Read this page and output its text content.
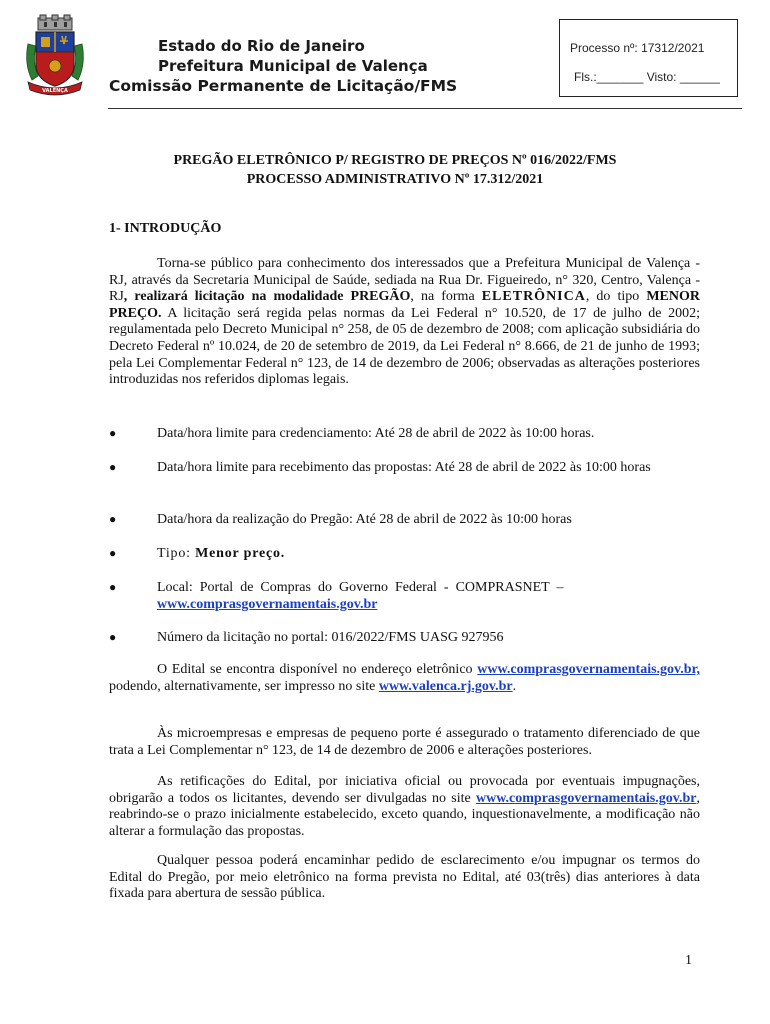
VALENÇA
Estado do Rio de Janeiro
Prefeitura Municipal de Valença
Comissão Permanente de Licitação/FMS
Processo nº: 17312/2021
Fls.:_______ Visto: ______
PREGÃO ELETRÔNICO P/ REGISTRO DE PREÇOS Nº 016/2022/FMS
PROCESSO ADMINISTRATIVO Nº 17.312/2021
1- INTRODUÇÃO
Torna-se público para conhecimento dos interessados que a Prefeitura Municipal de Valença - RJ, através da Secretaria Municipal de Saúde, sediada na Rua Dr. Figueiredo, n° 320, Centro, Valença - RJ, realizará licitação na modalidade PREGÃO, na forma ELETRÔNICA, do tipo MENOR PREÇO. A licitação será regida pelas normas da Lei Federal n° 10.520, de 17 de julho de 2002; regulamentada pelo Decreto Municipal n° 258, de 05 de dezembro de 2008; com aplicação subsidiária do Decreto Federal nº 10.024, de 20 de setembro de 2019, da Lei Federal n° 8.666, de 21 de junho de 1993; pela Lei Complementar Federal n° 123, de 14 de dezembro de 2006; observadas as alterações posteriores introduzidas nos referidos diplomas legais.
●	Data/hora limite para credenciamento: Até 28 de abril de 2022 às 10:00 horas.
●	Data/hora limite para recebimento das propostas: Até 28 de abril de 2022 às 10:00 horas
●	Data/hora da realização do Pregão: Até 28 de abril de 2022 às 10:00 horas
●	Tipo: Menor preço.
●	Local:  Portal  de  Compras  do  Governo  Federal  -  COMPRASNET  –
www.comprasgovernamentais.gov.br
●	Número da licitação no portal: 016/2022/FMS UASG 927956
O Edital se encontra disponível no endereço eletrônico www.comprasgovernamentais.gov.br, podendo, alternativamente, ser impresso no site www.valenca.rj.gov.br.
Às microempresas e empresas de pequeno porte é assegurado o tratamento diferenciado de que trata a Lei Complementar n° 123, de 14 de dezembro de 2006 e alterações posteriores.
As retificações do Edital, por iniciativa oficial ou provocada por eventuais impugnações, obrigarão a todos os licitantes, devendo ser divulgadas no site www.comprasgovernamentais.gov.br, reabrindo-se o prazo inicialmente estabelecido, exceto quando, inquestionavelmente, a modificação não alterar a formulação das propostas.
Qualquer pessoa poderá encaminhar pedido de esclarecimento e/ou impugnar os termos do Edital do Pregão, por meio eletrônico na forma prevista no Edital, até 03(três) dias anteriores à data fixada para abertura de sessão pública.
1
